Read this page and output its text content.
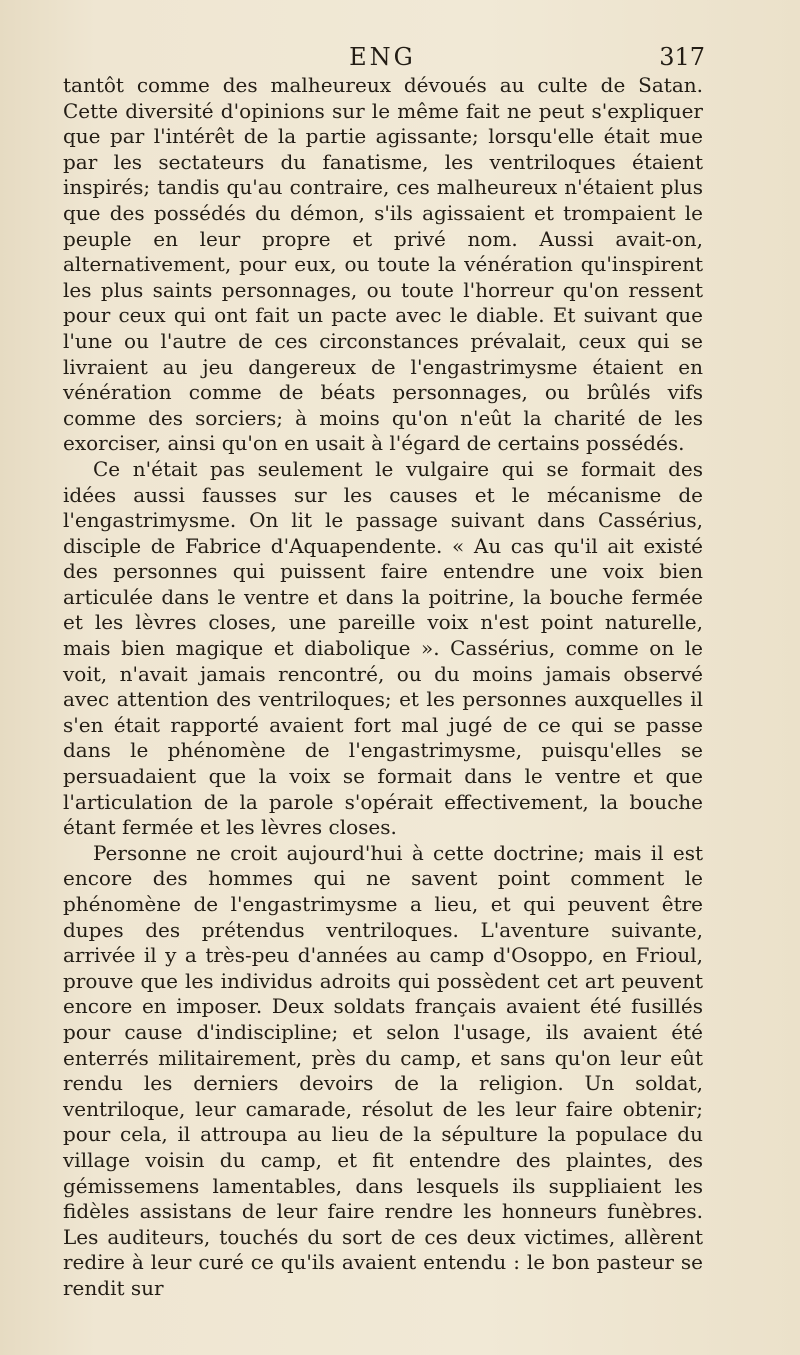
ENG	317

tantôt comme des malheureux dévoués au culte de Satan. Cette diversité d'opinions sur le même fait ne peut s'expliquer que par l'intérêt de la partie agissante; lorsqu'elle était mue par les sectateurs du fanatisme, les ventriloques étaient inspirés; tandis qu'au contraire, ces malheureux n'étaient plus que des possédés du démon, s'ils agissaient et trompaient le peuple en leur propre et privé nom. Aussi avait-on, alternativement, pour eux, ou toute la vénération qu'inspirent les plus saints personnages, ou toute l'horreur qu'on ressent pour ceux qui ont fait un pacte avec le diable. Et suivant que l'une ou l'autre de ces circonstances prévalait, ceux qui se livraient au jeu dangereux de l'engastrimysme étaient en vénération comme de béats personnages, ou brûlés vifs comme des sorciers; à moins qu'on n'eût la charité de les exorciser, ainsi qu'on en usait à l'égard de certains possédés.

Ce n'était pas seulement le vulgaire qui se formait des idées aussi fausses sur les causes et le mécanisme de l'engastrimysme. On lit le passage suivant dans Cassérius, disciple de Fabrice d'Aquapendente. « Au cas qu'il ait existé des personnes qui puissent faire entendre une voix bien articulée dans le ventre et dans la poitrine, la bouche fermée et les lèvres closes, une pareille voix n'est point naturelle, mais bien magique et diabolique ». Cassérius, comme on le voit, n'avait jamais rencontré, ou du moins jamais observé avec attention des ventriloques; et les personnes auxquelles il s'en était rapporté avaient fort mal jugé de ce qui se passe dans le phénomène de l'engastrimysme, puisqu'elles se persuadaient que la voix se formait dans le ventre et que l'articulation de la parole s'opérait effectivement, la bouche étant fermée et les lèvres closes.

Personne ne croit aujourd'hui à cette doctrine; mais il est encore des hommes qui ne savent point comment le phénomène de l'engastrimysme a lieu, et qui peuvent être dupes des prétendus ventriloques. L'aventure suivante, arrivée il y a très-peu d'années au camp d'Osoppo, en Frioul, prouve que les individus adroits qui possèdent cet art peuvent encore en imposer. Deux soldats français avaient été fusillés pour cause d'indiscipline; et selon l'usage, ils avaient été enterrés militairement, près du camp, et sans qu'on leur eût rendu les derniers devoirs de la religion. Un soldat, ventriloque, leur camarade, résolut de les leur faire obtenir; pour cela, il attroupa au lieu de la sépulture la populace du village voisin du camp, et fit entendre des plaintes, des gémissemens lamentables, dans lesquels ils suppliaient les fidèles assistans de leur faire rendre les honneurs funèbres. Les auditeurs, touchés du sort de ces deux victimes, allèrent redire à leur curé ce qu'ils avaient entendu : le bon pasteur se rendit sur
